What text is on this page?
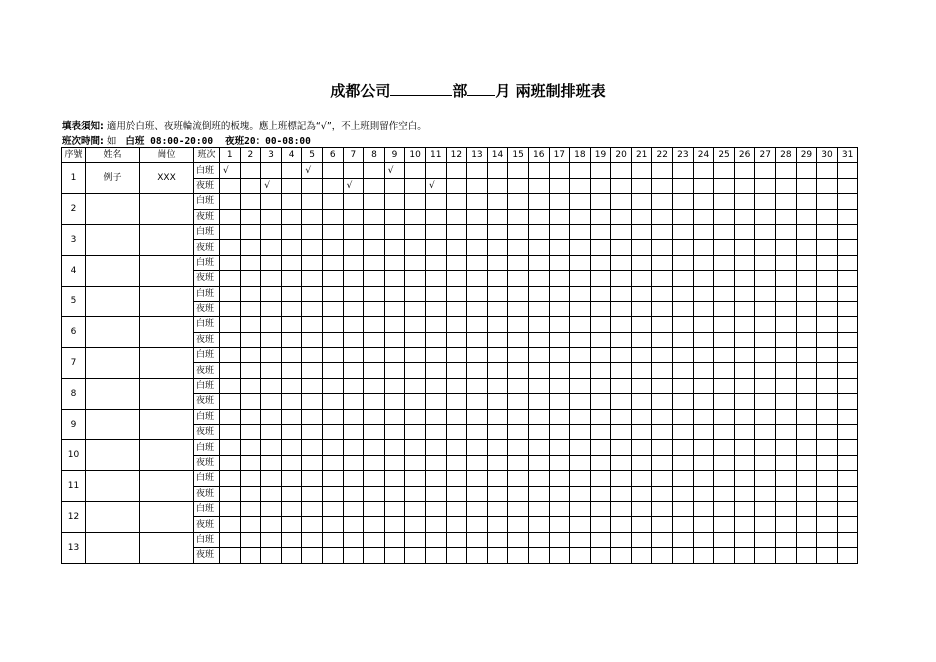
成都公司	部 月 兩班制排班表
填表須知: 適用於白班、夜班輪流倒班的板塊。應上班標記為“√”，不上班則留作空白。
班次時間: 如 白班 08:00-20:00 夜班20：00-08:00
序號	姓名	崗位	班次	1	2	3	4	5	6	7	8	9	10	11	12	13	14	15	16	17	18	19	20	21	22	23	24	25	26	27	28	29	30	31
1	例子	XXX	白班	√				√				√																						
			夜班			√				√				√																				
2			白班																															
			夜班																															
3			白班																															
			夜班																															
4			白班																															
			夜班																															
5			白班																															
			夜班																															
6			白班																															
			夜班																															
7			白班																															
			夜班																															
8			白班																															
			夜班																															
9			白班																															
			夜班																															
10			白班																															
			夜班																															
11			白班																															
			夜班																															
12			白班																															
			夜班																															
13			白班																															
			夜班																															
